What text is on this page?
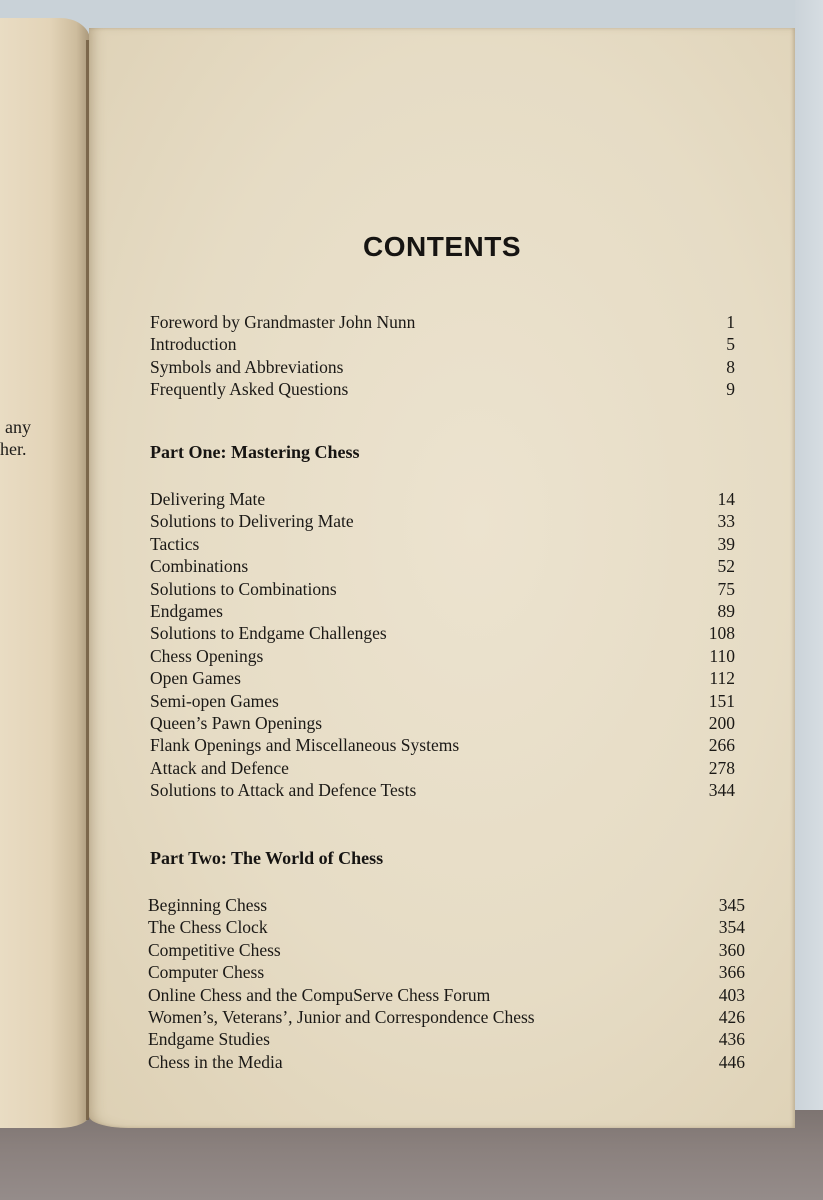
any
her.
CONTENTS
Foreword by Grandmaster John Nunn	1
Introduction	5
Symbols and Abbreviations	8
Frequently Asked Questions	9
Part One: Mastering Chess
Delivering Mate	14
Solutions to Delivering Mate	33
Tactics	39
Combinations	52
Solutions to Combinations	75
Endgames	89
Solutions to Endgame Challenges	108
Chess Openings	110
Open Games	112
Semi-open Games	151
Queen’s Pawn Openings	200
Flank Openings and Miscellaneous Systems	266
Attack and Defence	278
Solutions to Attack and Defence Tests	344
Part Two: The World of Chess
Beginning Chess	345
The Chess Clock	354
Competitive Chess	360
Computer Chess	366
Online Chess and the CompuServe Chess Forum	403
Women’s, Veterans’, Junior and Correspondence Chess	426
Endgame Studies	436
Chess in the Media	446
